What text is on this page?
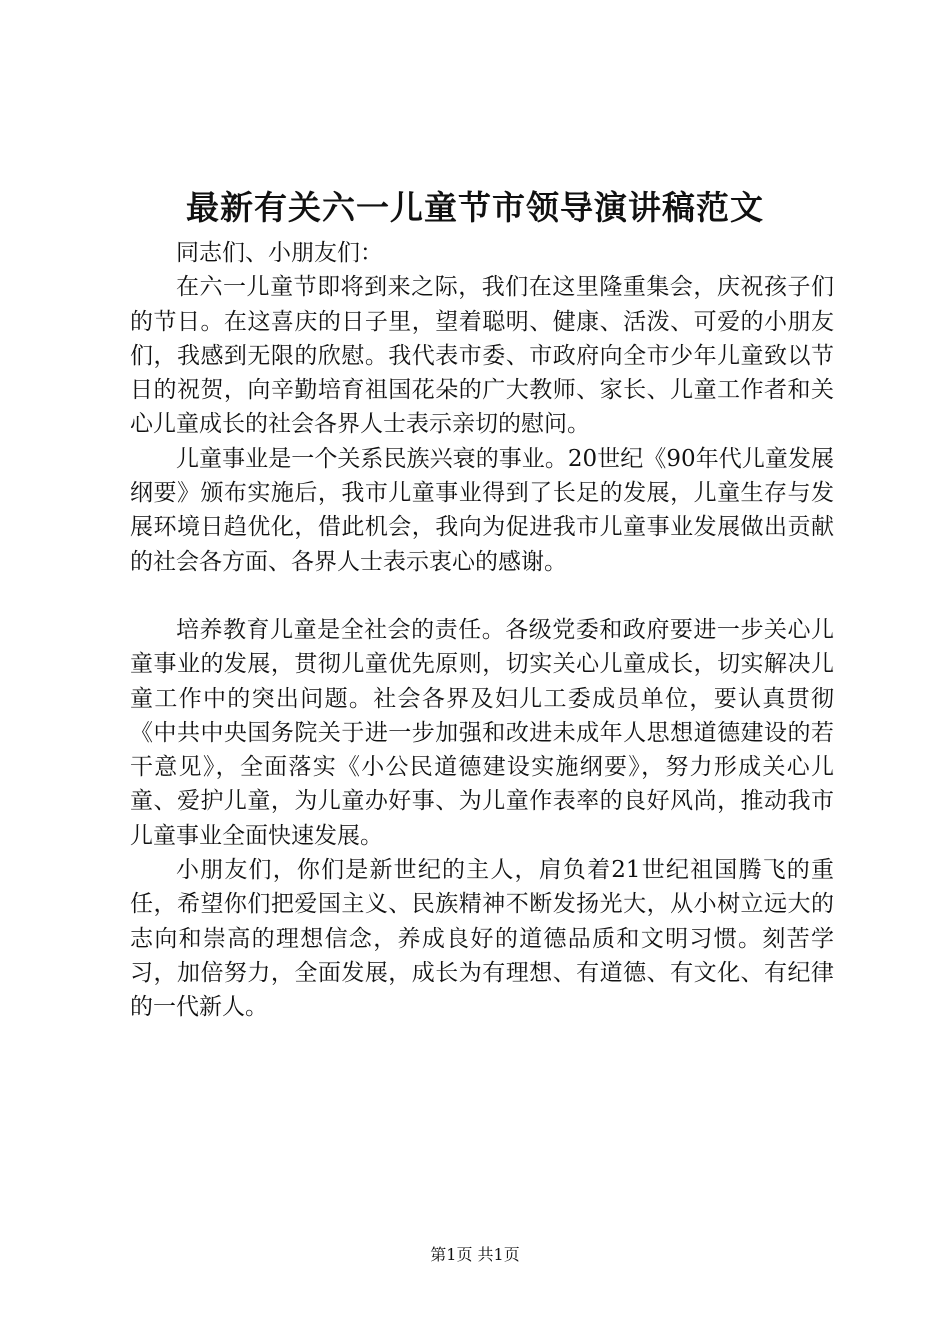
最新有关六一儿童节市领导演讲稿范文

同志们、小朋友们：

在六一儿童节即将到来之际，我们在这里隆重集会，庆祝孩子们的节日。在这喜庆的日子里，望着聪明、健康、活泼、可爱的小朋友们，我感到无限的欣慰。我代表市委、市政府向全市少年儿童致以节日的祝贺，向辛勤培育祖国花朵的广大教师、家长、儿童工作者和关心儿童成长的社会各界人士表示亲切的慰问。

儿童事业是一个关系民族兴衰的事业。20世纪《90年代儿童发展纲要》颁布实施后，我市儿童事业得到了长足的发展，儿童生存与发展环境日趋优化，借此机会，我向为促进我市儿童事业发展做出贡献的社会各方面、各界人士表示衷心的感谢。

培养教育儿童是全社会的责任。各级党委和政府要进一步关心儿童事业的发展，贯彻儿童优先原则，切实关心儿童成长，切实解决儿童工作中的突出问题。社会各界及妇儿工委成员单位，要认真贯彻《中共中央国务院关于进一步加强和改进未成年人思想道德建设的若干意见》，全面落实《小公民道德建设实施纲要》，努力形成关心儿童、爱护儿童，为儿童办好事、为儿童作表率的良好风尚，推动我市儿童事业全面快速发展。

小朋友们，你们是新世纪的主人，肩负着21世纪祖国腾飞的重任，希望你们把爱国主义、民族精神不断发扬光大，从小树立远大的志向和崇高的理想信念，养成良好的道德品质和文明习惯。刻苦学习，加倍努力，全面发展，成长为有理想、有道德、有文化、有纪律的一代新人。

第1页 共1页
